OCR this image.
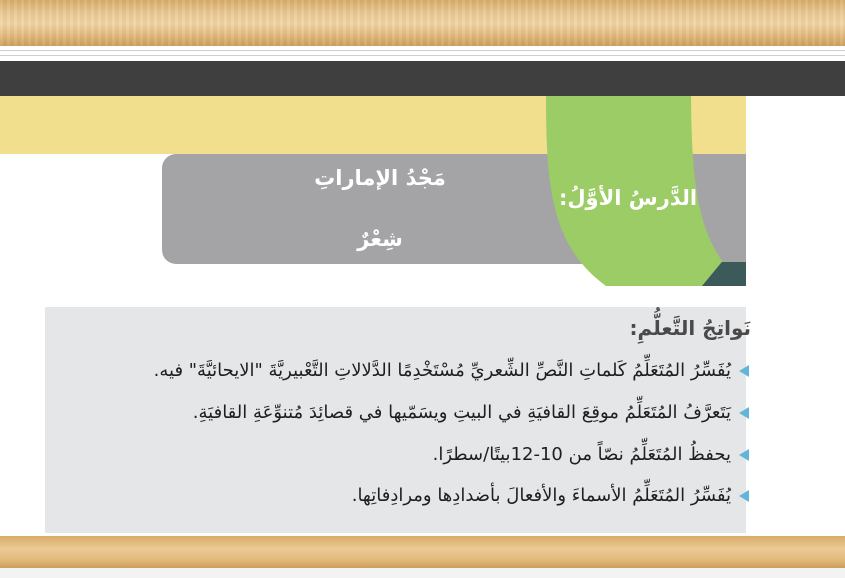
الدَّرسُ الأوَّلُ:
مَجْدُ الإماراتِ
شِعْرٌ
نَواتِجُ التَّعلُّمِ:
يُفَسِّرُ المُتَعَلِّمُ كَلماتِ النَّصِّ الشِّعريِّ مُسْتَخْدِمًا الدَّلالاتِ التَّعْبيريَّةَ "الايحائيَّةَ" فيه.
يَتَعرَّفُ المُتَعَلِّمُ موقِعَ القافيَةِ في البيتِ ويسَمّيها في قصائِدَ مُتنوِّعَةِ القافيَةِ.
يحفظُ المُتَعَلِّمُ نصّاً من 10-12بيتًا/سطرًا.
يُفَسِّرُ المُتَعَلِّمُ الأسماءَ والأفعالَ بأضدادِها ومرادِفاتِها.
